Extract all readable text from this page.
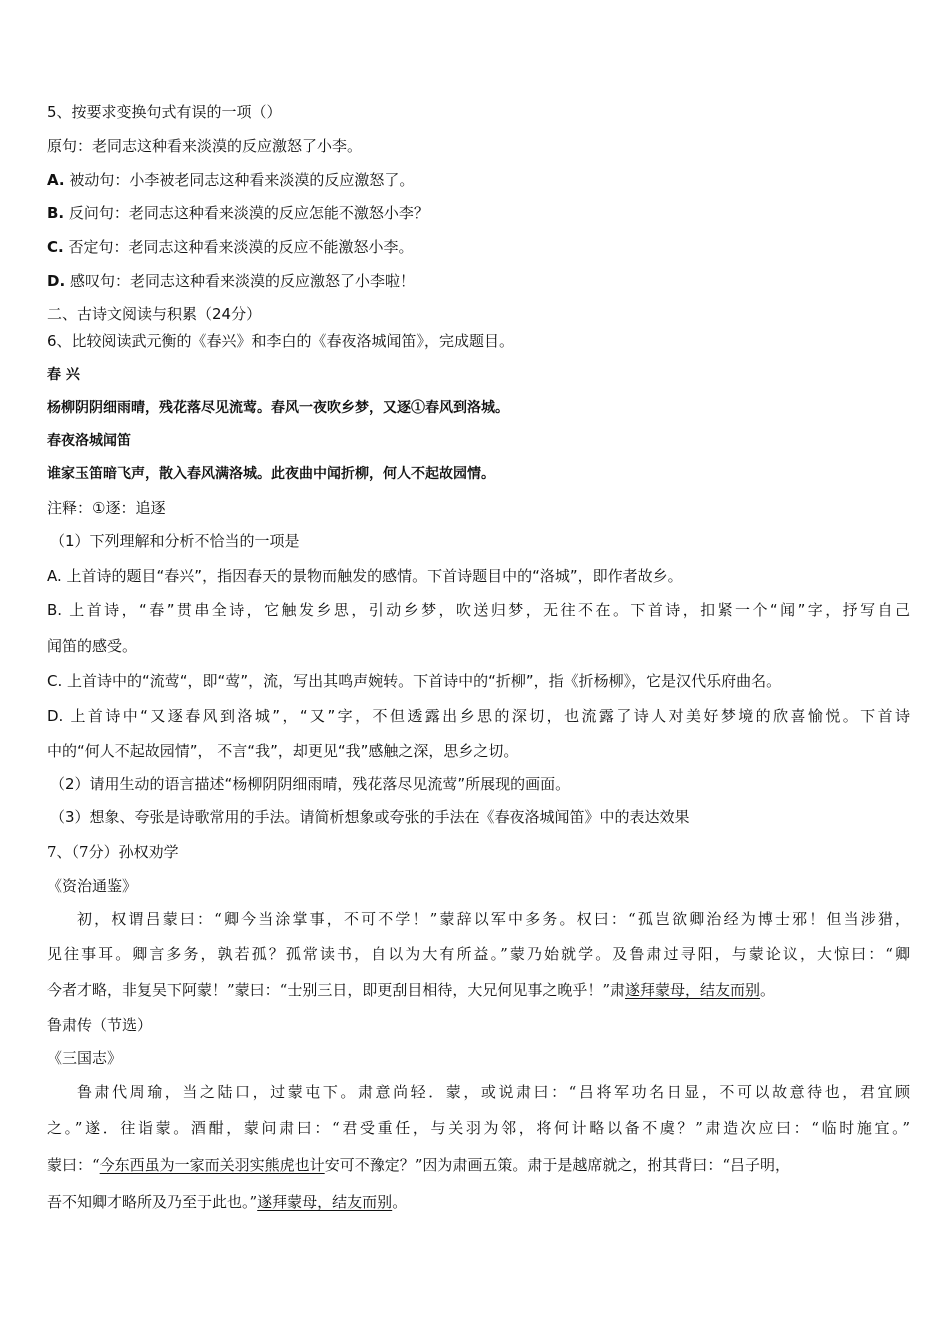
5、按要求变换句式有误的一项（）
原句：老同志这种看来淡漠的反应激怒了小李。
A. 被动句：小李被老同志这种看来淡漠的反应激怒了。
B. 反问句：老同志这种看来淡漠的反应怎能不激怒小李？
C. 否定句：老同志这种看来淡漠的反应不能激怒小李。
D. 感叹句：老同志这种看来淡漠的反应激怒了小李啦！
二、古诗文阅读与积累（24分）
6、比较阅读武元衡的《春兴》和李白的《春夜洛城闻笛》，完成题目。
春 兴
杨柳阴阴细雨晴，残花落尽见流莺。春风一夜吹乡梦，又逐①春风到洛城。
春夜洛城闻笛
谁家玉笛暗飞声，散入春风满洛城。此夜曲中闻折柳，何人不起故园情。
注释：①逐：追逐
（1）下列理解和分析不恰当的一项是
A. 上首诗的题目“春兴”，指因春天的景物而触发的感情。下首诗题目中的“洛城”，即作者故乡。
B. 上首诗，“春”贯串全诗，它触发乡思，引动乡梦，吹送归梦，无往不在。下首诗，扣紧一个“闻”字，抒写自己
闻笛的感受。
C. 上首诗中的“流莺“，即“莺”，流，写出其鸣声婉转。下首诗中的“折柳”，指《折杨柳》，它是汉代乐府曲名。
D. 上首诗中“又逐春风到洛城”，“又”字，不但透露出乡思的深切，也流露了诗人对美好梦境的欣喜愉悦。下首诗
中的“何人不起故园情”， 不言“我”，却更见“我”感触之深，思乡之切。
（2）请用生动的语言描述“杨柳阴阴细雨晴，残花落尽见流莺”所展现的画面。
（3）想象、夸张是诗歌常用的手法。请简析想象或夸张的手法在《春夜洛城闻笛》中的表达效果
7、（7分）孙权劝学
《资治通鉴》
初，权谓吕蒙曰：“卿今当涂掌事，不可不学！”蒙辞以军中多务。权曰：“孤岂欲卿治经为博士邪！但当涉猎，
见往事耳。卿言多务，孰若孤？孤常读书，自以为大有所益。”蒙乃始就学。及鲁肃过寻阳，与蒙论议，大惊曰：“卿
今者才略，非复吴下阿蒙！”蒙曰：“士别三日，即更刮目相待，大兄何见事之晚乎！”肃遂拜蒙母，结友而别。
鲁肃传（节选）
《三国志》
鲁肃代周瑜，当之陆口，过蒙屯下。肃意尚轻．蒙，或说肃曰：“吕将军功名日显，不可以故意待也，君宜顾
之。”遂．往诣蒙。酒酣，蒙问肃曰：“君受重任，与关羽为邻，将何计略以备不虞？”肃造次应曰：“临时施宜。”
蒙曰：“今东西虽为一家而关羽实熊虎也计安可不豫定？”因为肃画五策。肃于是越席就之，拊其背曰：“吕子明，
吾不知卿才略所及乃至于此也。”遂拜蒙母，结友而别。
